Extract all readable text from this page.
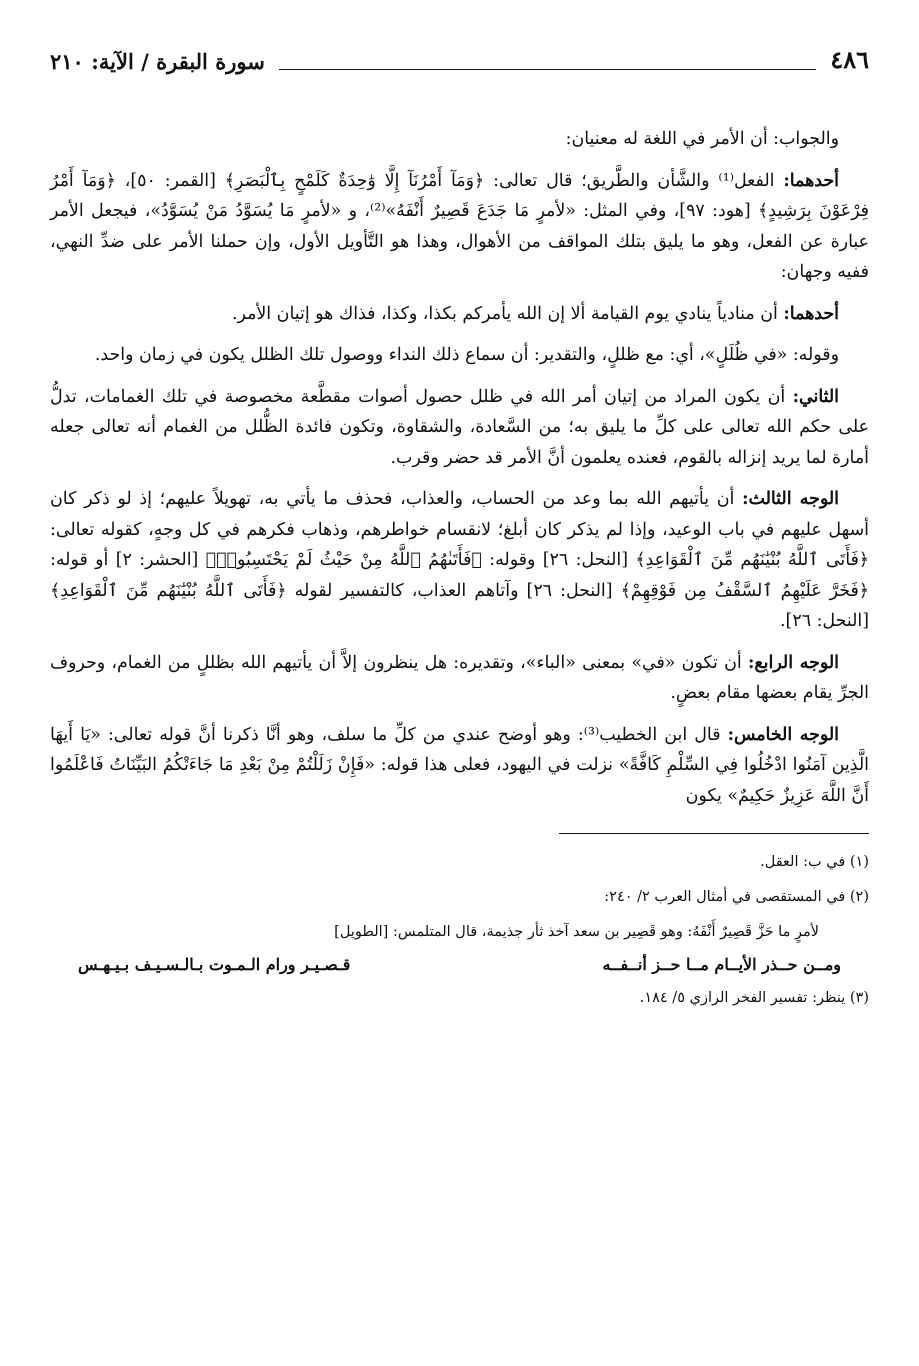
٤٨٦
سورة البقرة / الآية: ٢١٠

والجواب: أن الأمر في اللغة له معنيان:

أحدهما: الفعل⁽¹⁾ والشَّأن والطَّريق؛ قال تعالى: ﴿وَمَآ أَمْرُنَآ إِلَّا وَٰحِدَةٌ كَلَمْحٍ بِٱلْبَصَرِ﴾ [القمر: ٥٠]، ﴿وَمَآ أَمْرُ فِرْعَوْنَ بِرَشِيدٍ﴾ [هود: ٩٧]، وفي المثل: «لأمرٍ مَا جَدَعَ قَصِيرٌ أَنْفَهُ»⁽²⁾، و «لأمرٍ مَا يُسَوَّدُ مَنْ يُسَوَّدُ»، فيجعل الأمر عبارة عن الفعل، وهو ما يليق بتلك المواقف من الأهوال، وهذا هو التَّأويل الأول، وإن حملنا الأمر على ضدِّ النهي، ففيه وجهان:

أحدهما: أن منادياً ينادي يوم القيامة ألا إن الله يأمركم بكذا، وكذا، فذاك هو إتيان الأمر.

وقوله: «في ظُلَلٍ»، أي: مع ظللٍ، والتقدير: أن سماع ذلك النداء ووصول تلك الظلل يكون في زمان واحد.

الثاني: أن يكون المراد من إتيان أمر الله في ظلل حصول أصوات مقطَّعة مخصوصة في تلك الغمامات، تدلُّ على حكم الله تعالى على كلِّ ما يليق به؛ من السَّعادة، والشقاوة، وتكون فائدة الظُّلل من الغمام أنه تعالى جعله أمارة لما يريد إنزاله بالقوم، فعنده يعلمون أنَّ الأمر قد حضر وقرب.

الوجه الثالث: أن يأتيهم الله بما وعد من الحساب، والعذاب، فحذف ما يأتي به، تهويلاً عليهم؛ إذ لو ذكر كان أسهل عليهم في باب الوعيد، وإذا لم يذكر كان أبلغ؛ لانقسام خواطرهم، وذهاب فكرهم في كل وجهٍ، كقوله تعالى: ﴿فَأَتَى ٱللَّهُ بُنْيَٰنَهُم مِّنَ ٱلْقَوَاعِدِ﴾ [النحل: ٢٦] وقوله: ﴿فَأَتَىٰهُمُ ٱللَّهُ مِنْ حَيْثُ لَمْ يَحْتَسِبُوا۟﴾ [الحشر: ٢] أو قوله: ﴿فَخَرَّ عَلَيْهِمُ ٱلسَّقْفُ مِن فَوْقِهِمْ﴾ [النحل: ٢٦] وآتاهم العذاب، كالتفسير لقوله ﴿فَأَتَى ٱللَّهُ بُنْيَٰنَهُم مِّنَ ٱلْقَوَاعِدِ﴾ [النحل: ٢٦].

الوجه الرابع: أن تكون «في» بمعنى «الباء»، وتقديره: هل ينظرون إلاَّ أن يأتيهم الله بظللٍ من الغمام، وحروف الجرِّ يقام بعضها مقام بعضٍ.

الوجه الخامس: قال ابن الخطيب⁽³⁾: وهو أوضح عندي من كلِّ ما سلف، وهو أنَّا ذكرنا أنَّ قوله تعالى: «يَا أَيهَا الَّذِين آمَنُوا ادْخُلُوا فِي السِّلْمِ كَافَّةً» نزلت في اليهود، فعلى هذا قوله: «فَإِنْ زَلَلْتُمْ مِنْ بَعْدِ مَا جَاءَتْكُمُ البَيِّنَاتُ فَاعْلَمُوا أَنَّ اللَّهَ عَزِيزٌ حَكِيمٌ» يكون

(١) في ب: العقل.

(٢) في المستقصى في أمثال العرب ٢/ ٢٤٠:

لأمرٍ ما حَزَّ قَصِيرٌ أَنْفَهُ: وهو قَصِير بن سعد آخذ ثأر جذيمة، قال المتلمس: [الطويل]

ومــن حــذر الأيــام مــا حــز أنــفــه
قـصـيـر ورام الـمـوت بـالـسـيـف بـيـهـس

(٣) ينظر: تفسير الفخر الرازي ٥/ ١٨٤.
